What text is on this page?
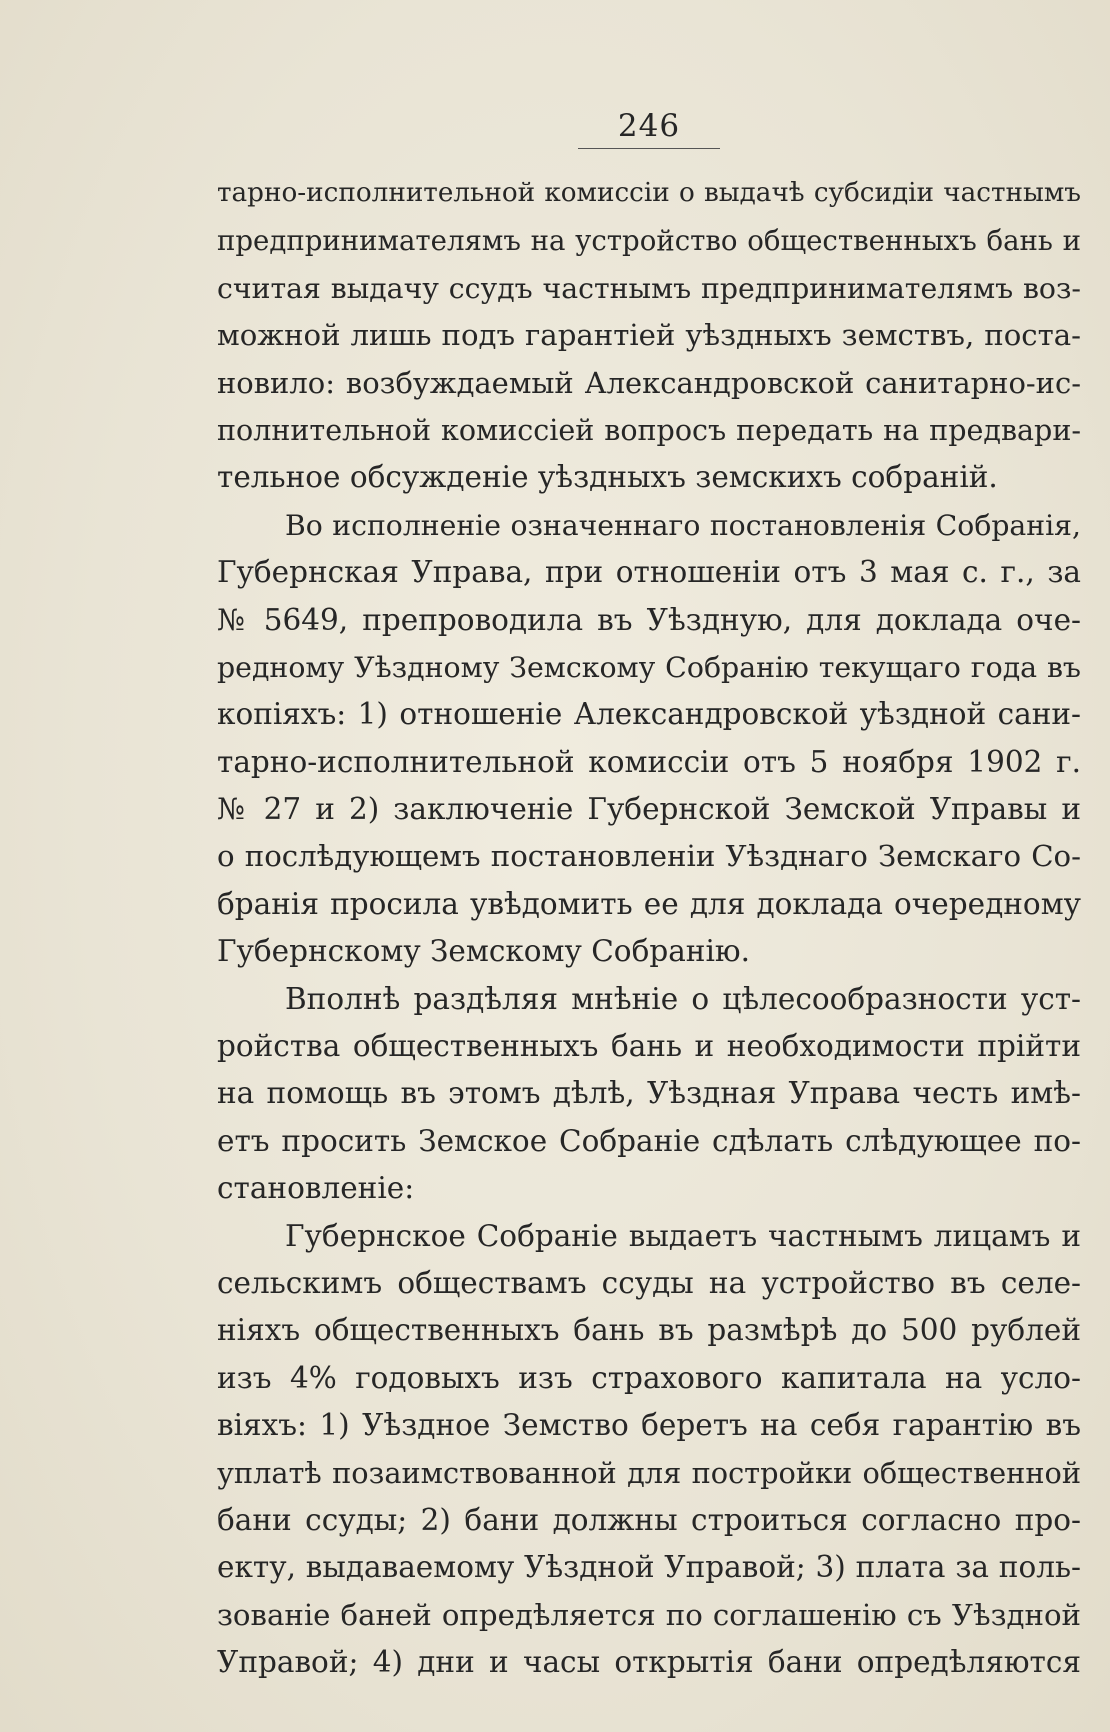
246
тарно-исполнительной комиссіи о выдачѣ субсидіи частнымъ
предпринимателямъ на устройство общественныхъ бань и
считая выдачу ссудъ частнымъ предпринимателямъ воз-
можной лишь подъ гарантіей уѣздныхъ земствъ, поста-
новило: возбуждаемый Александровской санитарно-ис-
полнительной комиссіей вопросъ передать на предвари-
тельное обсужденіе уѣздныхъ земскихъ собраній.
Во исполненіе означеннаго постановленія Собранія,
Губернская Управа, при отношеніи отъ 3 мая с. г., за
№ 5649, препроводила въ Уѣздную, для доклада оче-
редному Уѣздному Земскому Собранію текущаго года въ
копіяхъ: 1) отношеніе Александровской уѣздной сани-
тарно-исполнительной комиссіи отъ 5 ноября 1902 г.
№ 27 и 2) заключеніе Губернской Земской Управы и
о послѣдующемъ постановленіи Уѣзднаго Земскаго Со-
бранія просила увѣдомить ее для доклада очередному
Губернскому Земскому Собранію.
Вполнѣ раздѣляя мнѣніе о цѣлесообразности уст-
ройства общественныхъ бань и необходимости прійти
на помощь въ этомъ дѣлѣ, Уѣздная Управа честь имѣ-
етъ просить Земское Собраніе сдѣлать слѣдующее по-
становленіе:
Губернское Собраніе выдаетъ частнымъ лицамъ и
сельскимъ обществамъ ссуды на устройство въ селе-
ніяхъ общественныхъ бань въ размѣрѣ до 500 рублей
изъ 4% годовыхъ изъ страхового капитала на усло-
віяхъ: 1) Уѣздное Земство беретъ на себя гарантію въ
уплатѣ позаимствованной для постройки общественной
бани ссуды; 2) бани должны строиться согласно про-
екту, выдаваемому Уѣздной Управой; 3) плата за поль-
зованіе баней опредѣляется по соглашенію съ Уѣздной
Управой; 4) дни и часы открытія бани опредѣляются
